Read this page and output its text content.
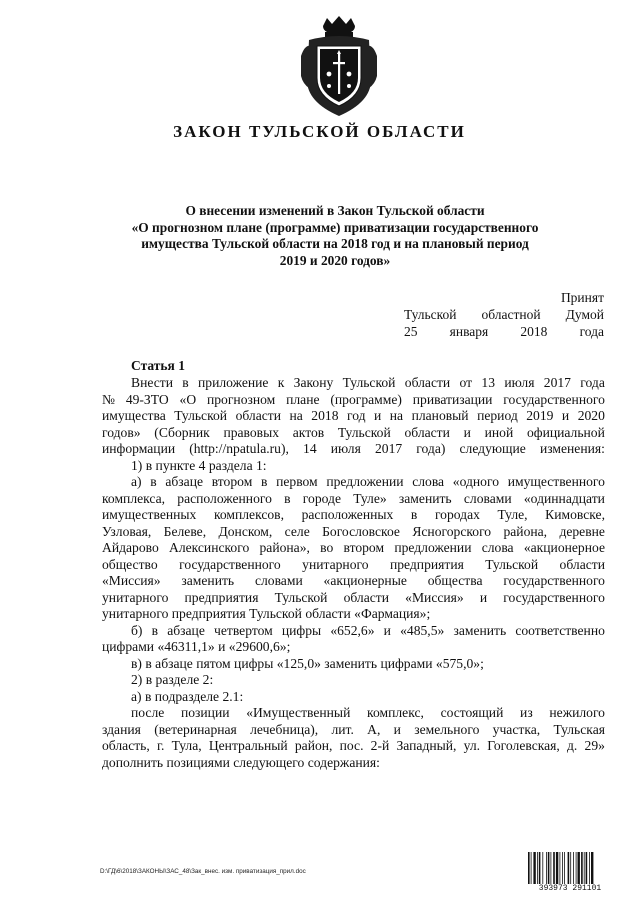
ЗАКОН ТУЛЬСКОЙ ОБЛАСТИ
О внесении изменений в Закон Тульской области
«О прогнозном плане (программе) приватизации государственного
имущества Тульской области на 2018 год и на плановый период
2019 и 2020 годов»
Принят
Тульской областной Думой
25 января 2018 года
Статья 1
Внести в приложение к Закону Тульской области от 13 июля 2017 года
№ 49-ЗТО «О прогнозном плане (программе) приватизации государственного
имущества Тульской области на 2018 год и на плановый период 2019 и 2020
годов» (Сборник правовых актов Тульской области и иной официальной
информации (http://npatula.ru), 14 июля 2017 года) следующие изменения:
1) в пункте 4 раздела 1:
а) в абзаце втором в первом предложении слова «одного имущественного
комплекса, расположенного в городе Туле» заменить словами «одиннадцати
имущественных комплексов, расположенных в городах Туле, Кимовске,
Узловая, Белеве, Донском, селе Богословское Ясногорского района, деревне
Айдарово Алексинского района», во втором предложении слова «акционерное
общество государственного унитарного предприятия Тульской области
«Миссия» заменить словами «акционерные общества государственного
унитарного предприятия Тульской области «Миссия» и государственного
унитарного предприятия Тульской области «Фармация»;
б) в абзаце четвертом цифры «652,6» и «485,5» заменить соответственно
цифрами «46311,1» и «29600,6»;
в) в абзаце пятом цифры «125,0» заменить цифрами «575,0»;
2) в разделе 2:
а) в подразделе 2.1:
после позиции «Имущественный комплекс, состоящий из нежилого
здания (ветеринарная лечебница), лит. А, и земельного участка, Тульская
область, г. Тула, Центральный район, пос. 2-й Западный, ул. Гоголевская, д. 29»
дополнить позициями следующего содержания:
D:\ГД\6\2018\ЗАКОНЫ\ЗАС_48\Зак_внес. изм. приватизация_прил.doc
393973 291101
